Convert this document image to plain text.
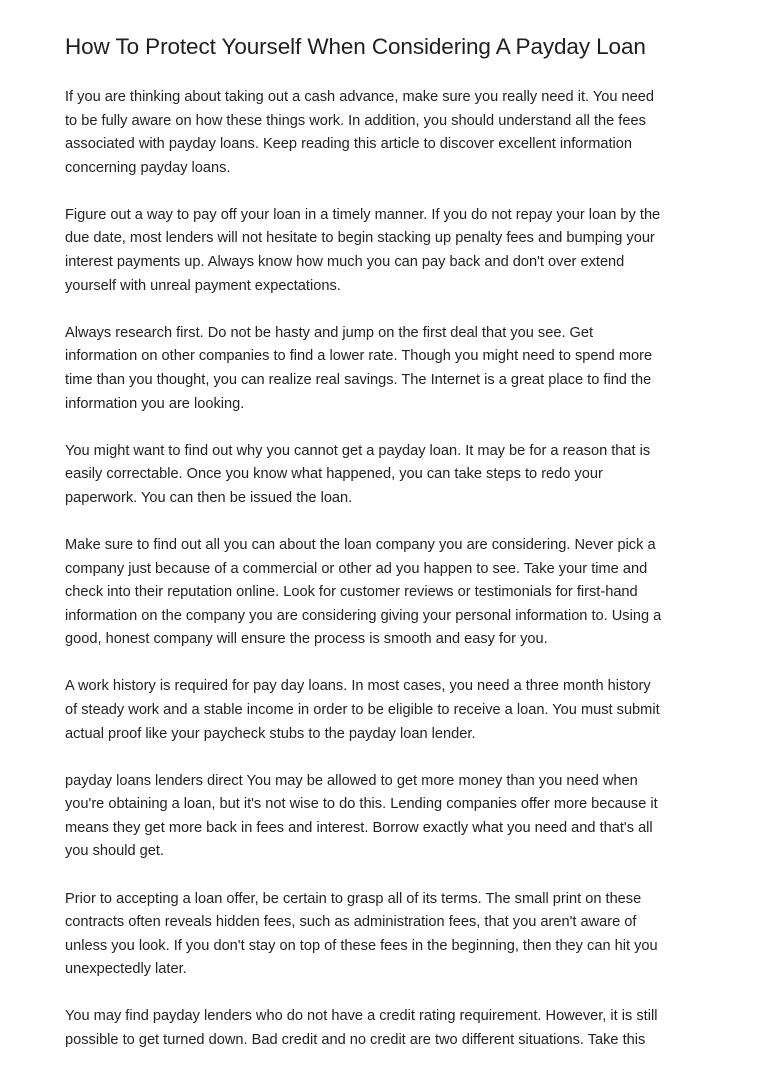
How To Protect Yourself When Considering A Payday Loan

If you are thinking about taking out a cash advance, make sure you really need it. You need
to be fully aware on how these things work. In addition, you should understand all the fees
associated with payday loans. Keep reading this article to discover excellent information
concerning payday loans.

Figure out a way to pay off your loan in a timely manner. If you do not repay your loan by the
due date, most lenders will not hesitate to begin stacking up penalty fees and bumping your
interest payments up. Always know how much you can pay back and don't over extend
yourself with unreal payment expectations.

Always research first. Do not be hasty and jump on the first deal that you see. Get
information on other companies to find a lower rate. Though you might need to spend more
time than you thought, you can realize real savings. The Internet is a great place to find the
information you are looking.

You might want to find out why you cannot get a payday loan. It may be for a reason that is
easily correctable. Once you know what happened, you can take steps to redo your
paperwork. You can then be issued the loan.

Make sure to find out all you can about the loan company you are considering. Never pick a
company just because of a commercial or other ad you happen to see. Take your time and
check into their reputation online. Look for customer reviews or testimonials for first-hand
information on the company you are considering giving your personal information to. Using a
good, honest company will ensure the process is smooth and easy for you.

A work history is required for pay day loans. In most cases, you need a three month history
of steady work and a stable income in order to be eligible to receive a loan. You must submit
actual proof like your paycheck stubs to the payday loan lender.

payday loans lenders direct You may be allowed to get more money than you need when
you're obtaining a loan, but it's not wise to do this. Lending companies offer more because it
means they get more back in fees and interest. Borrow exactly what you need and that's all
you should get.

Prior to accepting a loan offer, be certain to grasp all of its terms. The small print on these
contracts often reveals hidden fees, such as administration fees, that you aren't aware of
unless you look. If you don't stay on top of these fees in the beginning, then they can hit you
unexpectedly later.

You may find payday lenders who do not have a credit rating requirement. However, it is still
possible to get turned down. Bad credit and no credit are two different situations. Take this
